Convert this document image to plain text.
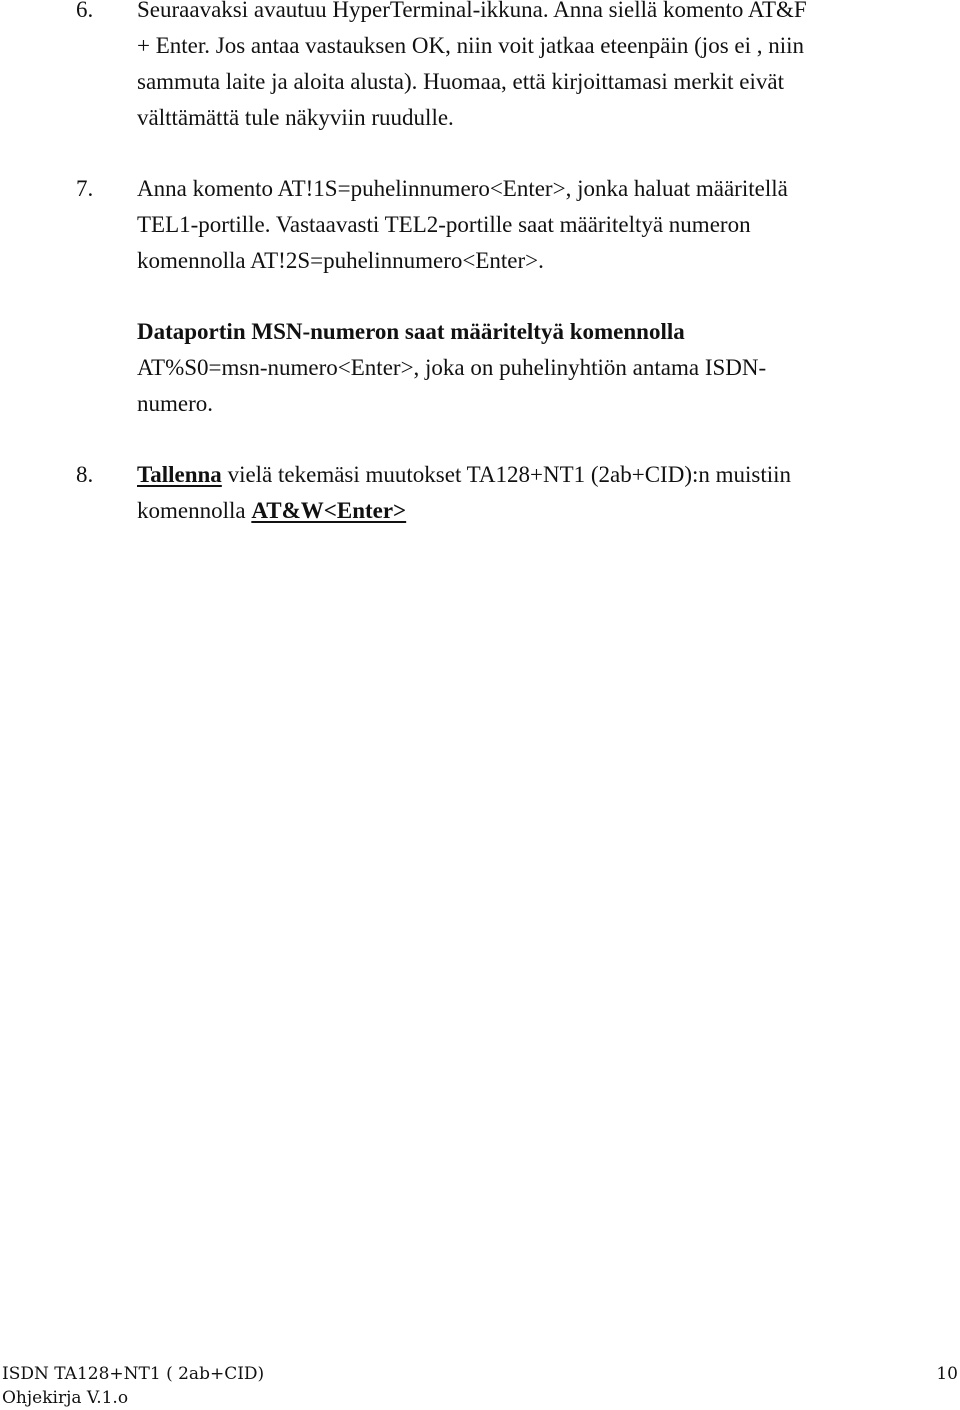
6. Seuraavaksi avautuu HyperTerminal-ikkuna. Anna siellä komento AT&F
+ Enter. Jos antaa vastauksen OK, niin voit jatkaa eteenpäin (jos ei , niin
sammuta laite ja aloita alusta). Huomaa, että kirjoittamasi merkit eivät
välttämättä tule näkyviin ruudulle.
7. Anna komento AT!1S=puhelinnumero<Enter>, jonka haluat määritellä
TEL1-portille. Vastaavasti TEL2-portille saat määriteltyä numeron
komennolla AT!2S=puhelinnumero<Enter>.
Dataportin MSN-numeron saat määriteltyä komennolla
AT%S0=msn-numero<Enter>, joka on puhelinyhtiön antama ISDN-
numero.
8. Tallenna vielä tekemäsi muutokset TA128+NT1 (2ab+CID):n muistiin
komennolla AT&W<Enter>
ISDN TA128+NT1 ( 2ab+CID)
Ohjekirja V.1.o
10
